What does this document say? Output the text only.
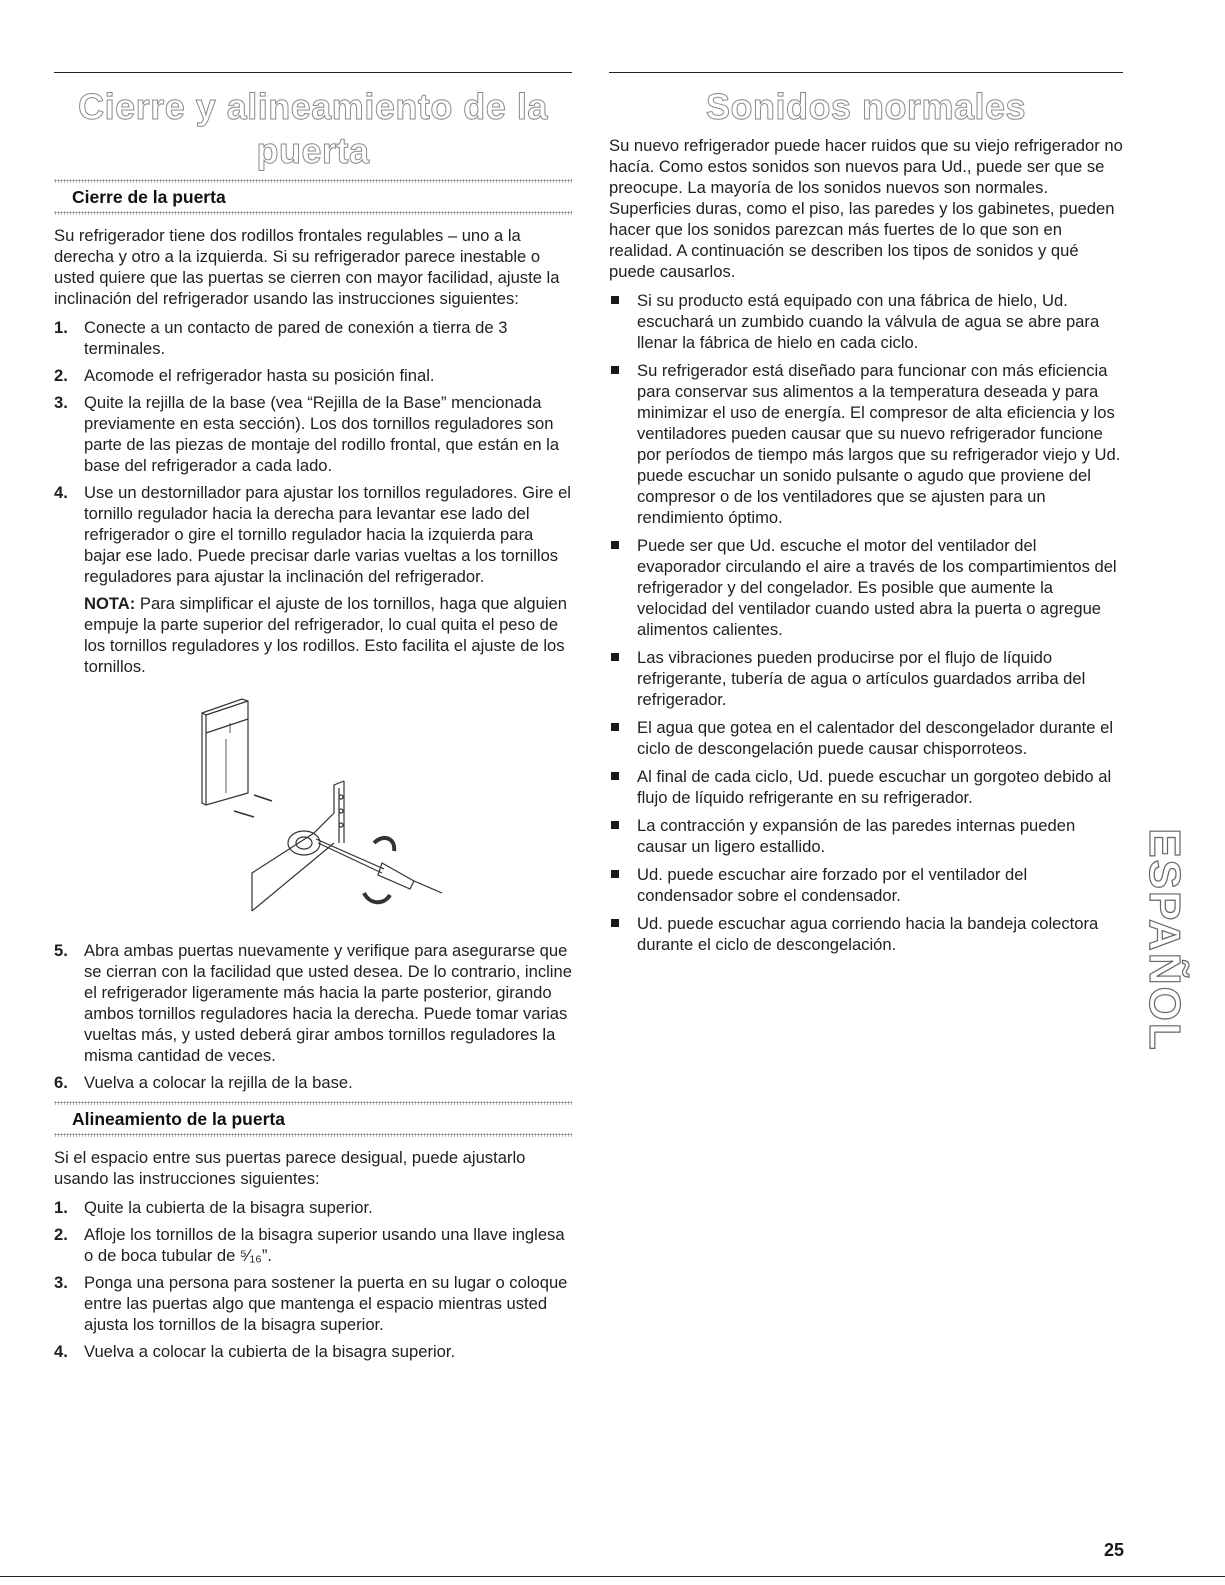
Cierre y alineamiento de la puerta
Cierre de la puerta

Su refrigerador tiene dos rodillos frontales regulables – uno a la derecha y otro a la izquierda. Si su refrigerador parece inestable o usted quiere que las puertas se cierren con mayor facilidad, ajuste la inclinación del refrigerador usando las instrucciones siguientes:

1. Conecte a un contacto de pared de conexión a tierra de 3 terminales.
2. Acomode el refrigerador hasta su posición final.
3. Quite la rejilla de la base (vea “Rejilla de la Base” mencionada previamente en esta sección). Los dos tornillos reguladores son parte de las piezas de montaje del rodillo frontal, que están en la base del refrigerador a cada lado.
4. Use un destornillador para ajustar los tornillos reguladores. Gire el tornillo regulador hacia la derecha para levantar ese lado del refrigerador o gire el tornillo regulador hacia la izquierda para bajar ese lado. Puede precisar darle varias vueltas a los tornillos reguladores para ajustar la inclinación del refrigerador.
NOTA: Para simplificar el ajuste de los tornillos, haga que alguien empuje la parte superior del refrigerador, lo cual quita el peso de los tornillos reguladores y los rodillos. Esto facilita el ajuste de los tornillos.
5. Abra ambas puertas nuevamente y verifique para asegurarse que se cierran con la facilidad que usted desea. De lo contrario, incline el refrigerador ligeramente más hacia la parte posterior, girando ambos tornillos reguladores hacia la derecha. Puede tomar varias vueltas más, y usted deberá girar ambos tornillos reguladores la misma cantidad de veces.
6. Vuelva a colocar la rejilla de la base.
Alineamiento de la puerta

Si el espacio entre sus puertas parece desigual, puede ajustarlo usando las instrucciones siguientes:

1. Quite la cubierta de la bisagra superior.
2. Afloje los tornillos de la bisagra superior usando una llave inglesa o de boca tubular de ⁵⁄₁₆”.
3. Ponga una persona para sostener la puerta en su lugar o coloque entre las puertas algo que mantenga el espacio mientras usted ajusta los tornillos de la bisagra superior.
4. Vuelva a colocar la cubierta de la bisagra superior.
Sonidos normales

Su nuevo refrigerador puede hacer ruidos que su viejo refrigerador no hacía. Como estos sonidos son nuevos para Ud., puede ser que se preocupe. La mayoría de los sonidos nuevos son normales. Superficies duras, como el piso, las paredes y los gabinetes, pueden hacer que los sonidos parezcan más fuertes de lo que son en realidad. A continuación se describen los tipos de sonidos y qué puede causarlos.

Si su producto está equipado con una fábrica de hielo, Ud. escuchará un zumbido cuando la válvula de agua se abre para llenar la fábrica de hielo en cada ciclo.
Su refrigerador está diseñado para funcionar con más eficiencia para conservar sus alimentos a la temperatura deseada y para minimizar el uso de energía. El compresor de alta eficiencia y los ventiladores pueden causar que su nuevo refrigerador funcione por períodos de tiempo más largos que su refrigerador viejo y Ud. puede escuchar un sonido pulsante o agudo que proviene del compresor o de los ventiladores que se ajusten para un rendimiento óptimo.
Puede ser que Ud. escuche el motor del ventilador del evaporador circulando el aire a través de los compartimientos del refrigerador y del congelador. Es posible que aumente la velocidad del ventilador cuando usted abra la puerta o agregue alimentos calientes.
Las vibraciones pueden producirse por el flujo de líquido refrigerante, tubería de agua o artículos guardados arriba del refrigerador.
El agua que gotea en el calentador del descongelador durante el ciclo de descongelación puede causar chisporroteos.
Al final de cada ciclo, Ud. puede escuchar un gorgoteo debido al flujo de líquido refrigerante en su refrigerador.
La contracción y expansión de las paredes internas pueden causar un ligero estallido.
Ud. puede escuchar aire forzado por el ventilador del condensador sobre el condensador.
Ud. puede escuchar agua corriendo hacia la bandeja colectora durante el ciclo de descongelación.	ESPAÑOL
25
